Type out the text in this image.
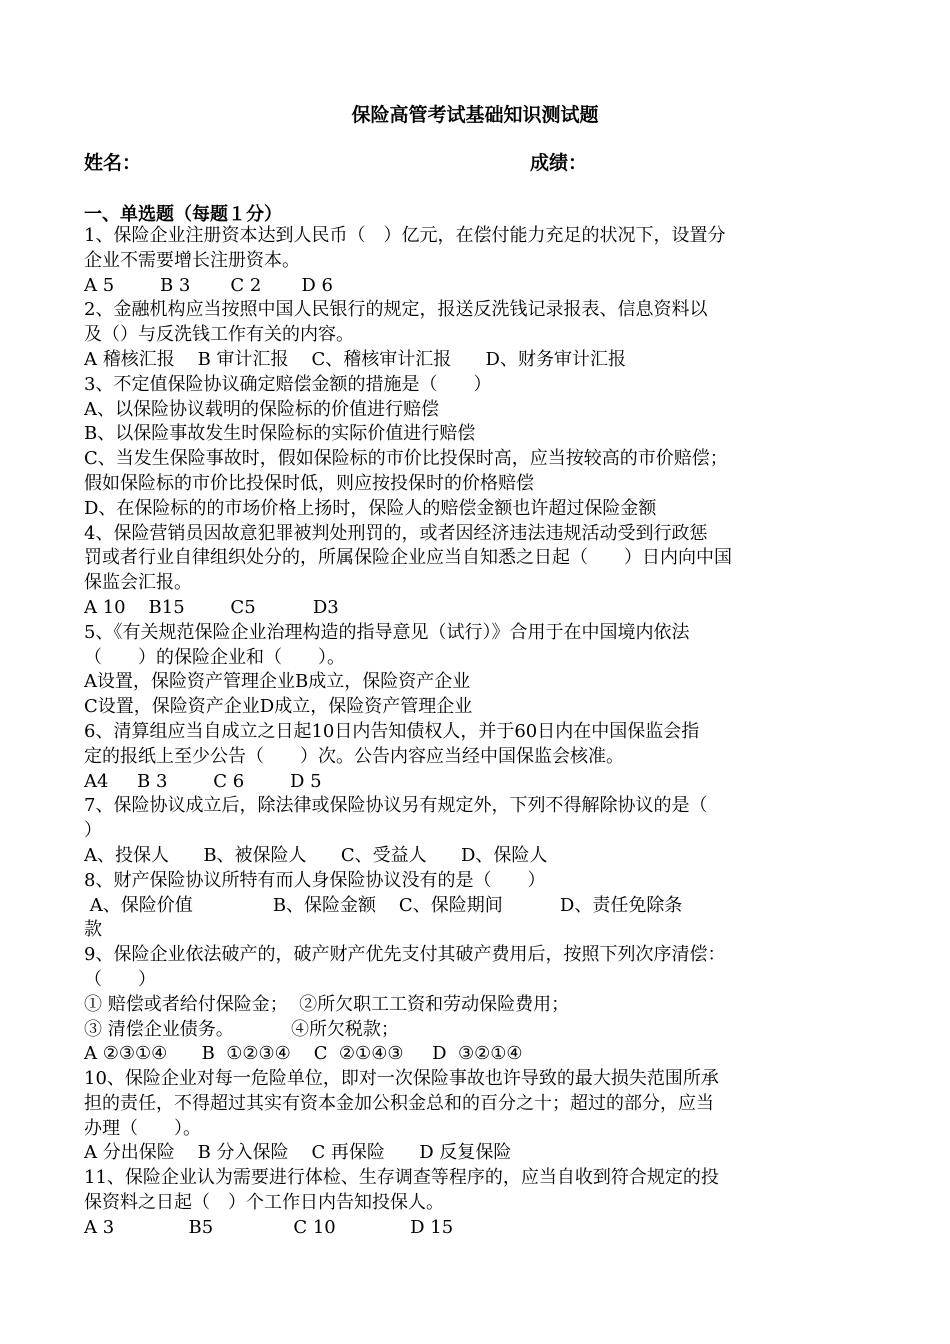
保险高管考试基础知识测试题
姓名：	成绩：
一、单选题（每题１分）
1、保险企业注册资本达到人民币（　）亿元，在偿付能力充足的状况下，设置分
企业不需要增长注册资本。
A 5        B 3       C 2       D 6
2、金融机构应当按照中国人民银行的规定，报送反洗钱记录报表、信息资料以
及（）与反洗钱工作有关的内容。
A 稽核汇报    B 审计汇报    C、稽核审计汇报      D、财务审计汇报
3、不定值保险协议确定赔偿金额的措施是（　　）
A、以保险协议载明的保险标的价值进行赔偿
B、以保险事故发生时保险标的实际价值进行赔偿
C、当发生保险事故时，假如保险标的市价比投保时高，应当按较高的市价赔偿；
假如保险标的市价比投保时低，则应按投保时的价格赔偿
D、在保险标的的市场价格上扬时，保险人的赔偿金额也许超过保险金额
4、保险营销员因故意犯罪被判处刑罚的，或者因经济违法违规活动受到行政惩
罚或者行业自律组织处分的，所属保险企业应当自知悉之日起（　　）日内向中国
保监会汇报。
A 10    B15        C5          D3
5、《有关规范保险企业治理构造的指导意见（试行）》合用于在中国境内依法
（　　）的保险企业和（　　）。
A设置，保险资产管理企业B成立，保险资产企业
C设置，保险资产企业D成立，保险资产管理企业
6、清算组应当自成立之日起10日内告知债权人，并于60日内在中国保监会指
定的报纸上至少公告（　　）次。公告内容应当经中国保监会核准。
A4     B 3        C 6        D 5
7、保险协议成立后，除法律或保险协议另有规定外，下列不得解除协议的是（
）
A、投保人      B、被保险人      C、受益人      D、保险人
8、财产保险协议所特有而人身保险协议没有的是（　　）
A、保险价值              B、保险金额    C、保险期间          D、责任免除条
款
9、保险企业依法破产的，破产财产优先支付其破产费用后，按照下列次序清偿：
（　　）
① 赔偿或者给付保险金；  ②所欠职工工资和劳动保险费用；
③ 清偿企业债务。          ④所欠税款；
A ②③①④      B  ①②③④    C  ②①④③     D  ③②①④
10、保险企业对每一危险单位，即对一次保险事故也许导致的最大损失范围所承
担的责任，不得超过其实有资本金加公积金总和的百分之十；超过的部分，应当
办理（　　）。
A 分出保险    B 分入保险    C 再保险      D 反复保险
11、保险企业认为需要进行体检、生存调查等程序的，应当自收到符合规定的投
保资料之日起（　）个工作日内告知投保人。
A 3             B5              C 10             D 15
